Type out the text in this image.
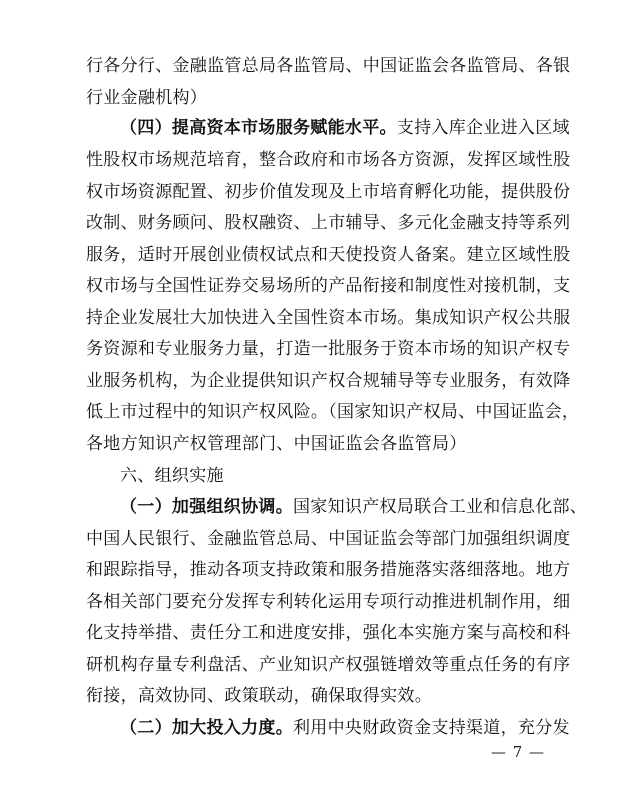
行各分行、金融监管总局各监管局、中国证监会各监管局、各银
行业金融机构）
（四）提高资本市场服务赋能水平。支持入库企业进入区域
性股权市场规范培育，整合政府和市场各方资源，发挥区域性股
权市场资源配置、初步价值发现及上市培育孵化功能，提供股份
改制、财务顾问、股权融资、上市辅导、多元化金融支持等系列
服务，适时开展创业债权试点和天使投资人备案。建立区域性股
权市场与全国性证券交易场所的产品衔接和制度性对接机制，支
持企业发展壮大加快进入全国性资本市场。集成知识产权公共服
务资源和专业服务力量，打造一批服务于资本市场的知识产权专
业服务机构，为企业提供知识产权合规辅导等专业服务，有效降
低上市过程中的知识产权风险。（国家知识产权局、中国证监会，
各地方知识产权管理部门、中国证监会各监管局）
六、组织实施
（一）加强组织协调。国家知识产权局联合工业和信息化部、
中国人民银行、金融监管总局、中国证监会等部门加强组织调度
和跟踪指导，推动各项支持政策和服务措施落实落细落地。地方
各相关部门要充分发挥专利转化运用专项行动推进机制作用，细
化支持举措、责任分工和进度安排，强化本实施方案与高校和科
研机构存量专利盘活、产业知识产权强链增效等重点任务的有序
衔接，高效协同、政策联动，确保取得实效。
（二）加大投入力度。利用中央财政资金支持渠道，充分发
— 7 —
